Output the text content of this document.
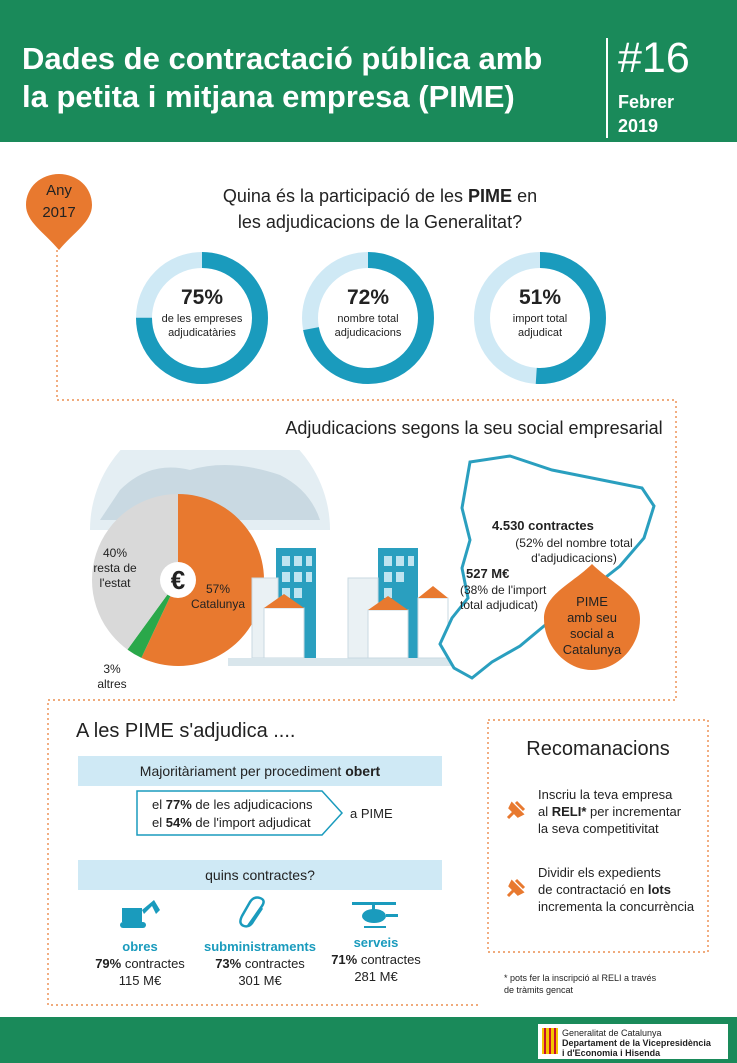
Dades de contractació pública amb
la petita i mitjana empresa (PIME)
#16
Febrer
2019
Any
2017
Quina és la participació de les PIME en
les adjudicacions de la Generalitat?
75%
de les empreses
adjudicatàries
72%
nombre total
adjudicacions
51%
import total
adjudicat
Adjudicacions segons la seu social empresarial
€
40%
resta de
l'estat	57%
Catalunya
3%
altres
4.530 contractes
(52% del nombre total
d'adjudicacions)
527 M€
(38% de l'import
total adjudicat)	PIME
amb seu
social a
Catalunya
A les PIME s'adjudica ....
Majoritàriament per procediment obert
el 77% de les adjudicacions
el 54% de l'import adjudicat
a PIME
quins contractes?
obres
79% contractes
115 M€
subministraments
73% contractes
301 M€
serveis
71% contractes
281 M€
Recomanacions
Inscriu la teva empresa
al RELI* per incrementar
la seva competitivitat
Dividir els expedients
de contractació en lots
incrementa la concurrència
* pots fer la inscripció al RELI a través
de tràmits gencat
Generalitat de Catalunya
Departament de la Vicepresidència
i d'Economia i Hisenda
